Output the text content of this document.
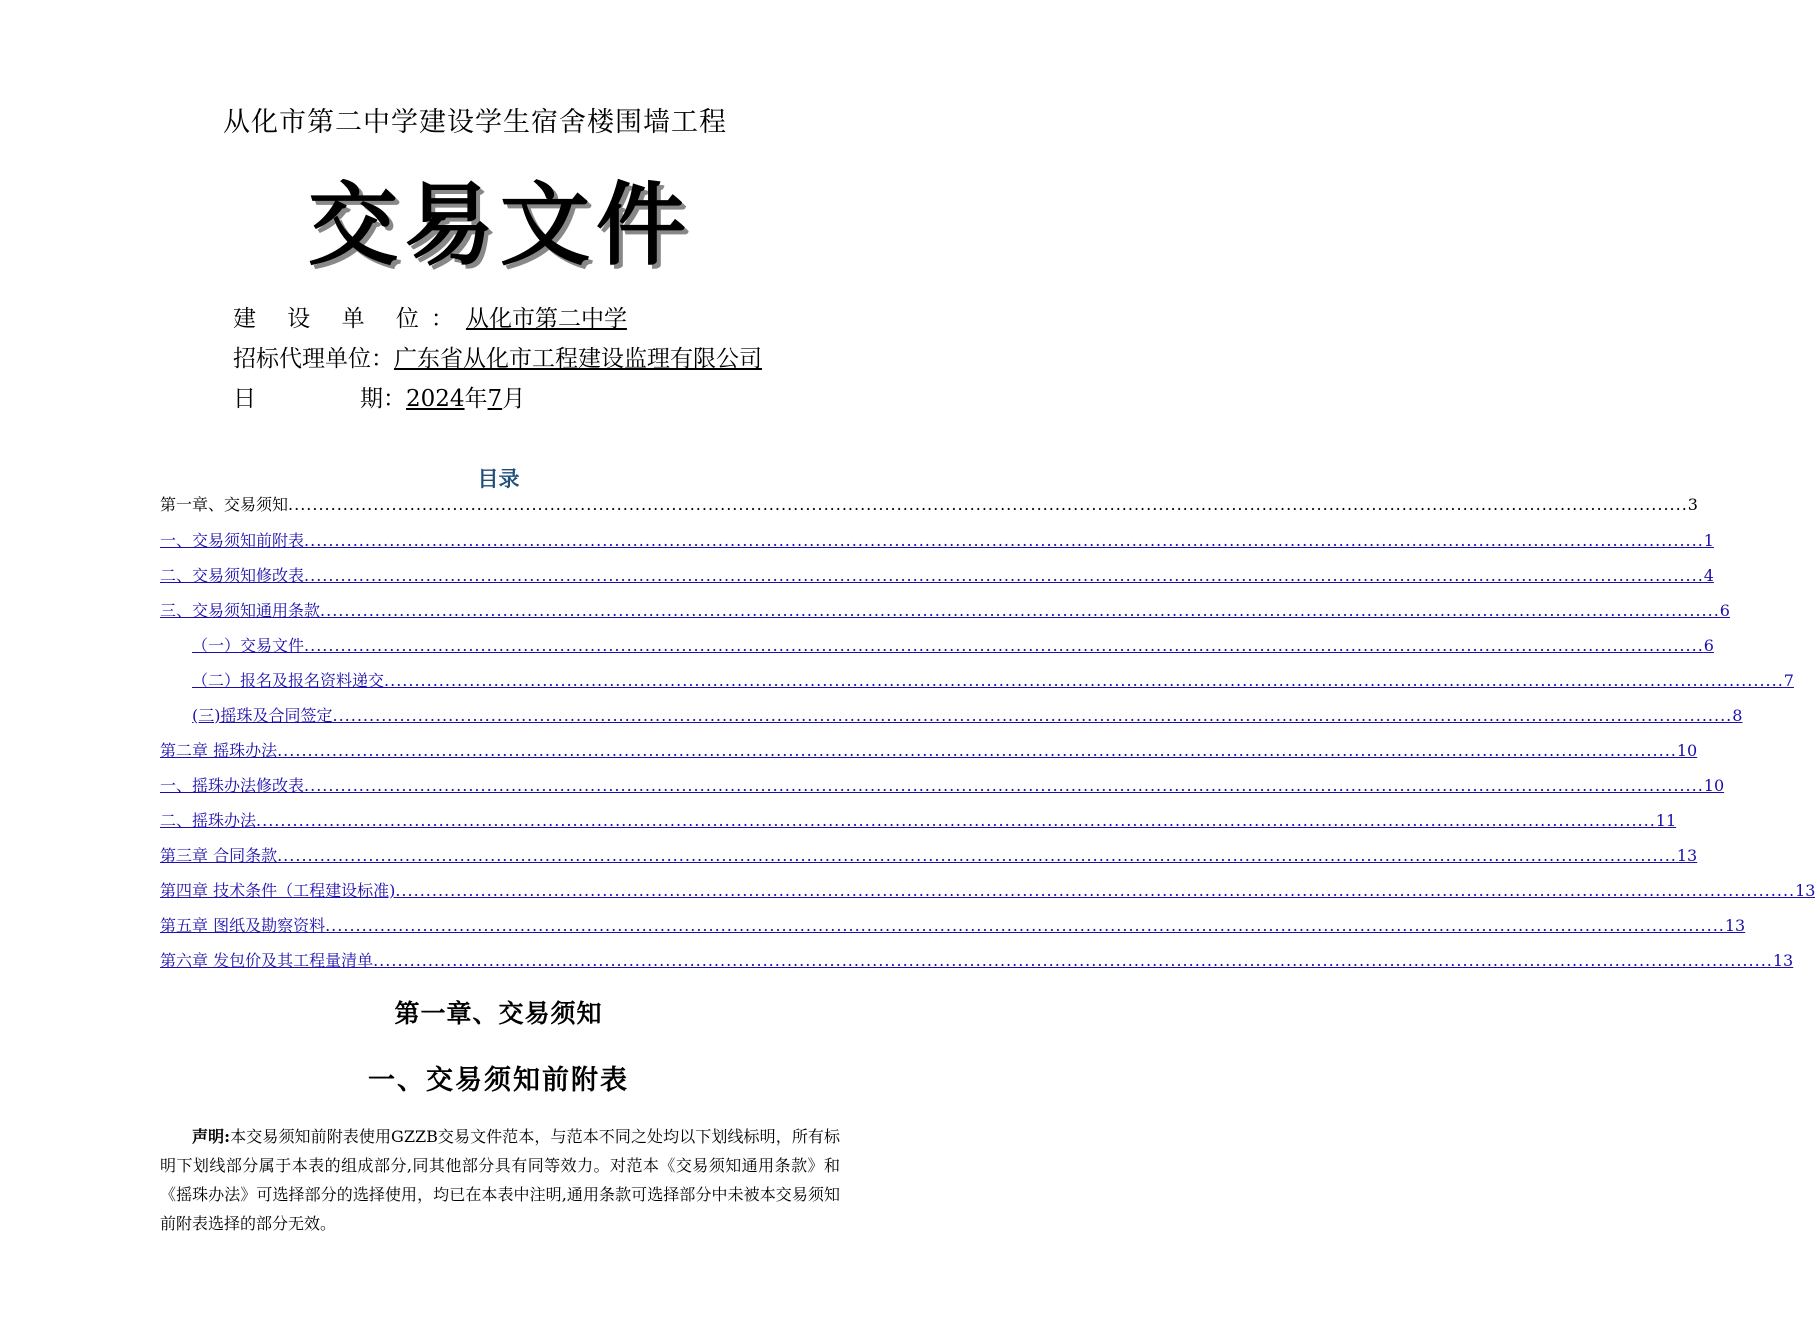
从化市第二中学建设学生宿舍楼围墙工程
交易文件
建 设 单 位：从化市第二中学
招标代理单位：广东省从化市工程建设监理有限公司
日	期：2024年7月
目录
第一章、交易须知 ...................................................................................................................................................................................................................................... 3
一、交易须知前附表 ...................................................................................................................................................................................................................................... 1
二、交易须知修改表 ...................................................................................................................................................................................................................................... 4
三、交易须知通用条款 ...................................................................................................................................................................................................................................... 6
（一）交易文件 ...................................................................................................................................................................................................................................... 6
（二）报名及报名资料递交 ...................................................................................................................................................................................................................................... 7
(三)摇珠及合同签定 ...................................................................................................................................................................................................................................... 8
第二章 摇珠办法 ...................................................................................................................................................................................................................................... 10
一、摇珠办法修改表 ...................................................................................................................................................................................................................................... 10
二、摇珠办法 ...................................................................................................................................................................................................................................... 11
第三章 合同条款 ...................................................................................................................................................................................................................................... 13
第四章 技术条件（工程建设标准) ...................................................................................................................................................................................................................................... 13
第五章 图纸及勘察资料 ...................................................................................................................................................................................................................................... 13
第六章 发包价及其工程量清单 ...................................................................................................................................................................................................................................... 13
第一章、交易须知
一、交易须知前附表
声明:本交易须知前附表使用GZZB交易文件范本，与范本不同之处均以下划线标明，所有标明下划线部分属于本表的组成部分,同其他部分具有同等效力。对范本《交易须知通用条款》和《摇珠办法》可选择部分的选择使用，均已在本表中注明,通用条款可选择部分中未被本交易须知前附表选择的部分无效。
